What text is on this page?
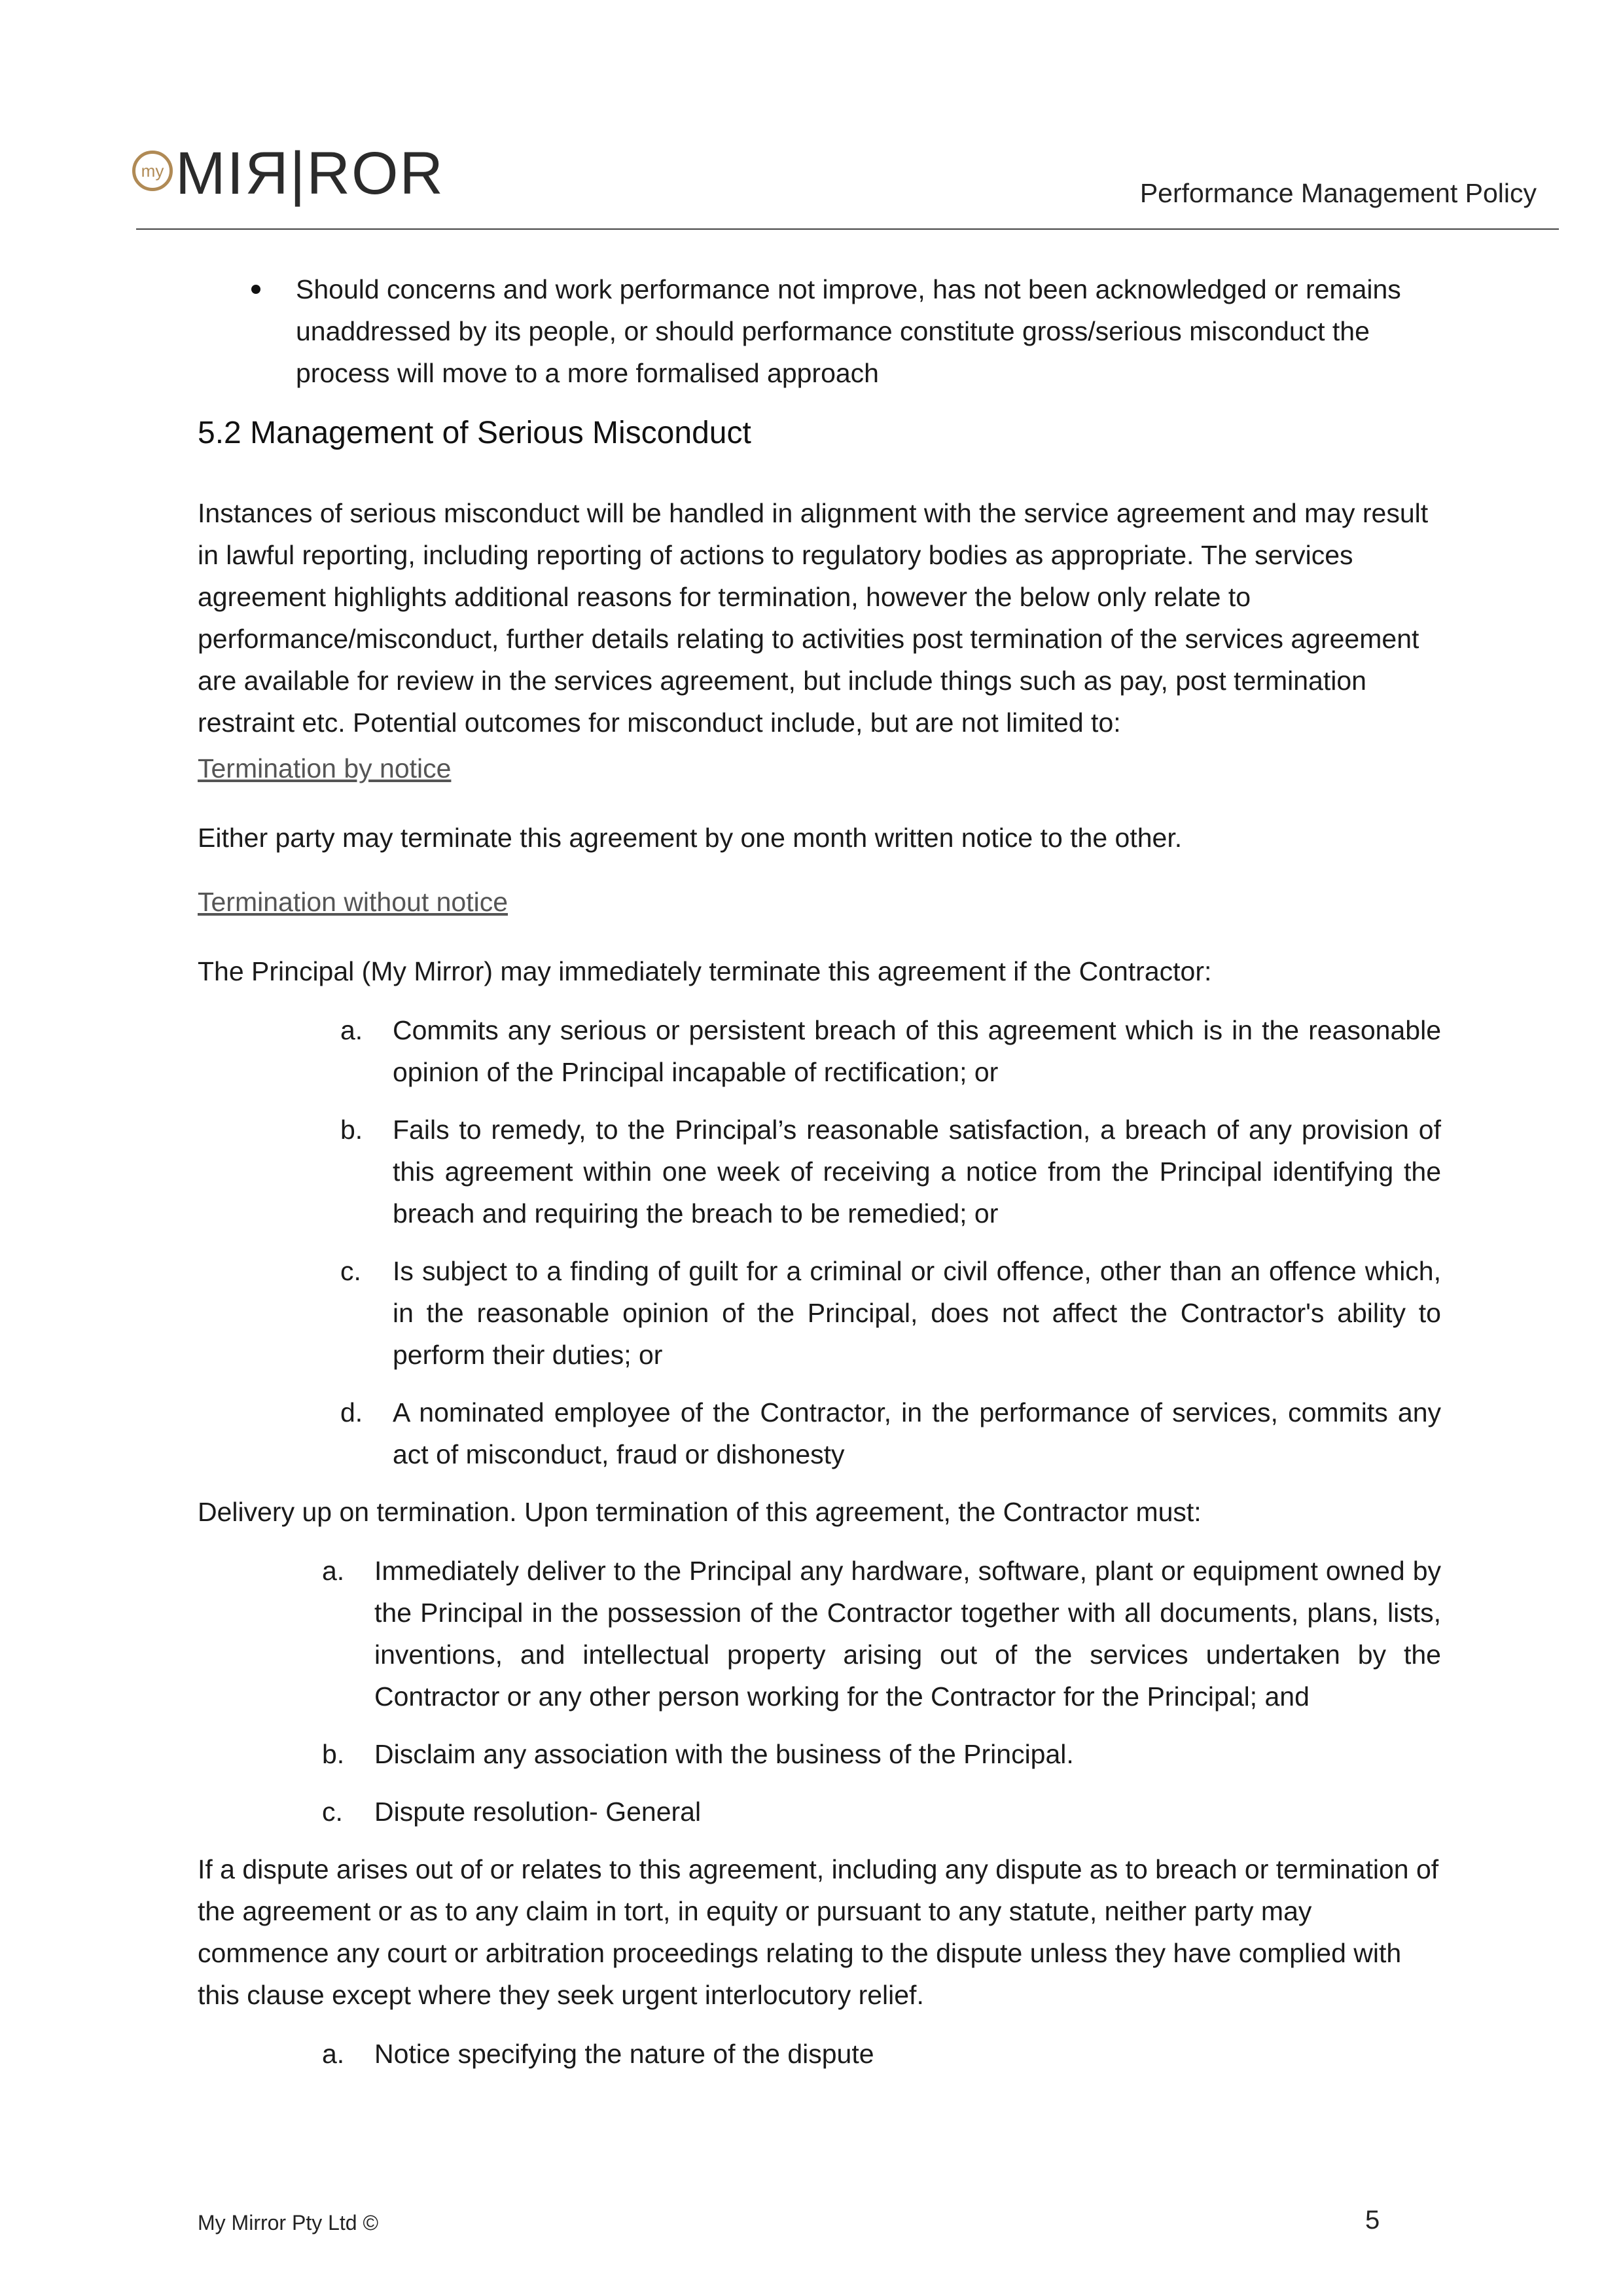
my MIЯ|ROR	Performance Management Policy
Should concerns and work performance not improve, has not been acknowledged or remains unaddressed by its people, or should performance constitute gross/serious misconduct the process will move to a more formalised approach
5.2 Management of Serious Misconduct

Instances of serious misconduct will be handled in alignment with the service agreement and may result in lawful reporting, including reporting of actions to regulatory bodies as appropriate. The services agreement highlights additional reasons for termination, however the below only relate to performance/misconduct, further details relating to activities post termination of the services agreement are available for review in the services agreement, but include things such as pay, post termination restraint etc. Potential outcomes for misconduct include, but are not limited to:

Termination by notice

Either party may terminate this agreement by one month written notice to the other.

Termination without notice

The Principal (My Mirror) may immediately terminate this agreement if the Contractor:

a. Commits any serious or persistent breach of this agreement which is in the reasonable opinion of the Principal incapable of rectification; or
b. Fails to remedy, to the Principal’s reasonable satisfaction, a breach of any provision of this agreement within one week of receiving a notice from the Principal identifying the breach and requiring the breach to be remedied; or
c. Is subject to a finding of guilt for a criminal or civil offence, other than an offence which, in the reasonable opinion of the Principal, does not affect the Contractor's ability to perform their duties; or
d. A nominated employee of the Contractor, in the performance of services, commits any act of misconduct, fraud or dishonesty

Delivery up on termination. Upon termination of this agreement, the Contractor must:

a. Immediately deliver to the Principal any hardware, software, plant or equipment owned by the Principal in the possession of the Contractor together with all documents, plans, lists, inventions, and intellectual property arising out of the services undertaken by the Contractor or any other person working for the Contractor for the Principal; and
b. Disclaim any association with the business of the Principal.
c. Dispute resolution- General

If a dispute arises out of or relates to this agreement, including any dispute as to breach or termination of the agreement or as to any claim in tort, in equity or pursuant to any statute, neither party may commence any court or arbitration proceedings relating to the dispute unless they have complied with this clause except where they seek urgent interlocutory relief.

a. Notice specifying the nature of the dispute
My Mirror Pty Ltd ©	5
